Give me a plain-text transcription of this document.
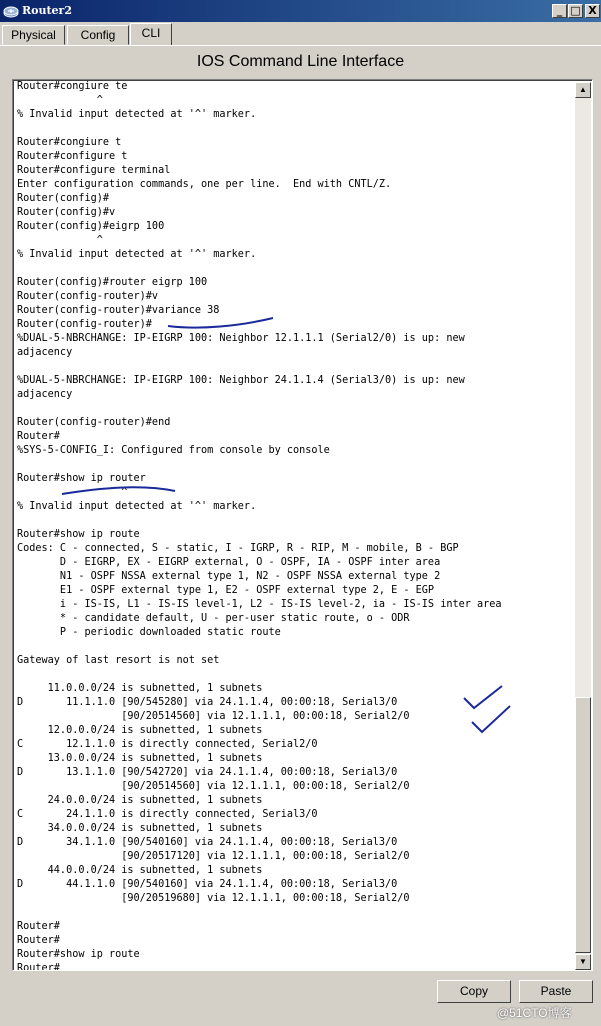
Router2	_ □ X
Physical	Config	CLI
IOS Command Line Interface
Router#congiure te
^
% Invalid input detected at '^' marker.
Router#congiure t
Router#configure t
Router#configure terminal
Enter configuration commands, one per line.  End with CNTL/Z.
Router(config)#
Router(config)#v
Router(config)#eigrp 100
^
% Invalid input detected at '^' marker.
Router(config)#router eigrp 100
Router(config-router)#v
Router(config-router)#variance 38
Router(config-router)#
%DUAL-5-NBRCHANGE: IP-EIGRP 100: Neighbor 12.1.1.1 (Serial2/0) is up: new
adjacency
%DUAL-5-NBRCHANGE: IP-EIGRP 100: Neighbor 24.1.1.4 (Serial3/0) is up: new
adjacency
Router(config-router)#end
Router#
%SYS-5-CONFIG_I: Configured from console by console
Router#show ip router
^
% Invalid input detected at '^' marker.
Router#show ip route
Codes: C - connected, S - static, I - IGRP, R - RIP, M - mobile, B - BGP
D - EIGRP, EX - EIGRP external, O - OSPF, IA - OSPF inter area
N1 - OSPF NSSA external type 1, N2 - OSPF NSSA external type 2
E1 - OSPF external type 1, E2 - OSPF external type 2, E - EGP
i - IS-IS, L1 - IS-IS level-1, L2 - IS-IS level-2, ia - IS-IS inter area
* - candidate default, U - per-user static route, o - ODR
P - periodic downloaded static route
Gateway of last resort is not set
11.0.0.0/24 is subnetted, 1 subnets
D       11.1.1.0 [90/545280] via 24.1.1.4, 00:00:18, Serial3/0
[90/20514560] via 12.1.1.1, 00:00:18, Serial2/0
12.0.0.0/24 is subnetted, 1 subnets
C       12.1.1.0 is directly connected, Serial2/0
13.0.0.0/24 is subnetted, 1 subnets
D       13.1.1.0 [90/542720] via 24.1.1.4, 00:00:18, Serial3/0
[90/20514560] via 12.1.1.1, 00:00:18, Serial2/0
24.0.0.0/24 is subnetted, 1 subnets
C       24.1.1.0 is directly connected, Serial3/0
34.0.0.0/24 is subnetted, 1 subnets
D       34.1.1.0 [90/540160] via 24.1.1.4, 00:00:18, Serial3/0
[90/20517120] via 12.1.1.1, 00:00:18, Serial2/0
44.0.0.0/24 is subnetted, 1 subnets
D       44.1.1.0 [90/540160] via 24.1.1.4, 00:00:18, Serial3/0
[90/20519680] via 12.1.1.1, 00:00:18, Serial2/0
Router#
Router#
Router#show ip route
Router#
▲
▼
Copy	Paste
@51CTO博客
